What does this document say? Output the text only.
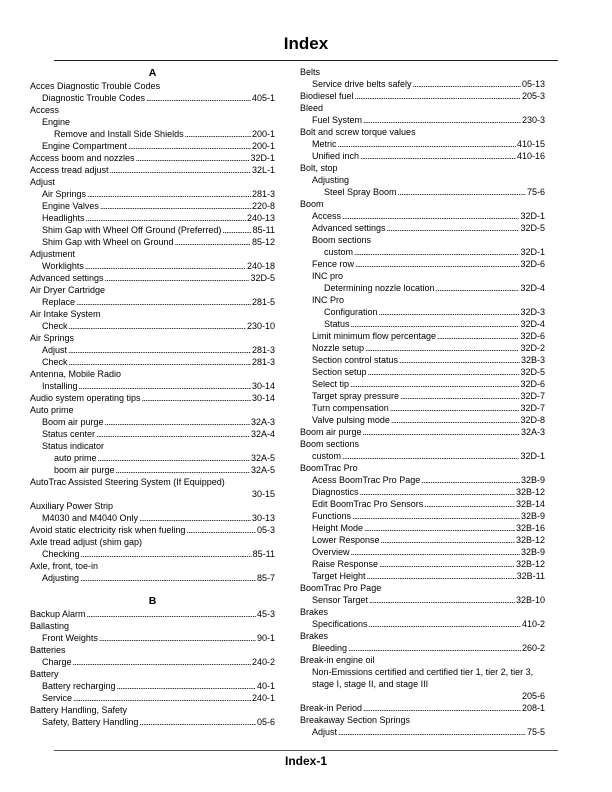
Index
A
Acces Diagnostic Trouble Codes
Diagnostic Trouble Codes . . .	405-1
Access
Engine
Remove and Install Side Shields . . .	200-1
Engine Compartment . . .	200-1
Access boom and nozzles . . .	32D-1
Access tread adjust . . .	32L-1
Adjust
Air Springs . . .	281-3
Engine Valves . . .	220-8
Headlights . . .	240-13
Shim Gap with Wheel Off Ground (Preferred) . . .	85-11
Shim Gap with Wheel on Ground . . .	85-12
Adjustment
Worklights . . .	240-18
Advanced settings . . .	32D-5
Air Dryer Cartridge
Replace . . .	281-5
Air Intake System
Check . . .	230-10
Air Springs
Adjust . . .	281-3
Check . . .	281-3
Antenna, Mobile Radio
Installing . . .	30-14
Audio system operating tips . . .	30-14
Auto prime
Boom air purge . . .	32A-3
Status center . . .	32A-4
Status indicator
auto prime . . .	32A-5
boom air purge . . .	32A-5
AutoTrac Assisted Steering System (If Equipped)
30-15
Auxiliary Power Strip
M4030 and M4040 Only . . .	30-13
Avoid static electricity risk when fueling . . .	05-3
Axle tread adjust (shim gap)
Checking . . .	85-11
Axle, front, toe-in
Adjusting . . .	85-7
B
Backup Alarm . . .	45-3
Ballasting
Front Weights . . .	90-1
Batteries
Charge . . .	240-2
Battery
Battery recharging . . .	40-1
Service . . .	240-1
Battery Handling, Safety
Safety, Battery Handling . . .	05-6
Belts
Service drive belts safely . . .	05-13
Biodiesel fuel . . .	205-3
Bleed
Fuel System . . .	230-3
Bolt and screw torque values
Metric . . .	410-15
Unified inch . . .	410-16
Bolt, stop
Adjusting
Steel Spray Boom . . .	75-6
Boom
Access . . .	32D-1
Advanced settings . . .	32D-5
Boom sections
custom . . .	32D-1
Fence row . . .	32D-6
INC pro
Determining nozzle location . . .	32D-4
INC Pro
Configuration . . .	32D-3
Status . . .	32D-4
Limit minimum flow percentage . . .	32D-6
Nozzle setup . . .	32D-2
Section control status . . .	32B-3
Section setup . . .	32D-5
Select tip . . .	32D-6
Target spray pressure . . .	32D-7
Turn compensation . . .	32D-7
Valve pulsing mode . . .	32D-8
Boom air purge . . .	32A-3
Boom sections
custom . . .	32D-1
BoomTrac Pro
Acess BoomTrac Pro Page . . .	32B-9
Diagnostics . . .	32B-12
Edit BoomTrac Pro Sensors . . .	32B-14
Functions . . .	32B-9
Height Mode . . .	32B-16
Lower Response . . .	32B-12
Overview . . .	32B-9
Raise Response . . .	32B-12
Target Height . . .	32B-11
BoomTrac Pro Page
Sensor Target . . .	32B-10
Brakes
Specifications . . .	410-2
Brakes
Bleeding . . .	260-2
Break-in engine oil
Non-Emissions certified and certified tier 1, tier 2, tier 3, stage I, stage II, and stage III
205-6
Break-in Period . . .	208-1
Breakaway Section Springs
Adjust . . .	75-5
Index-1
